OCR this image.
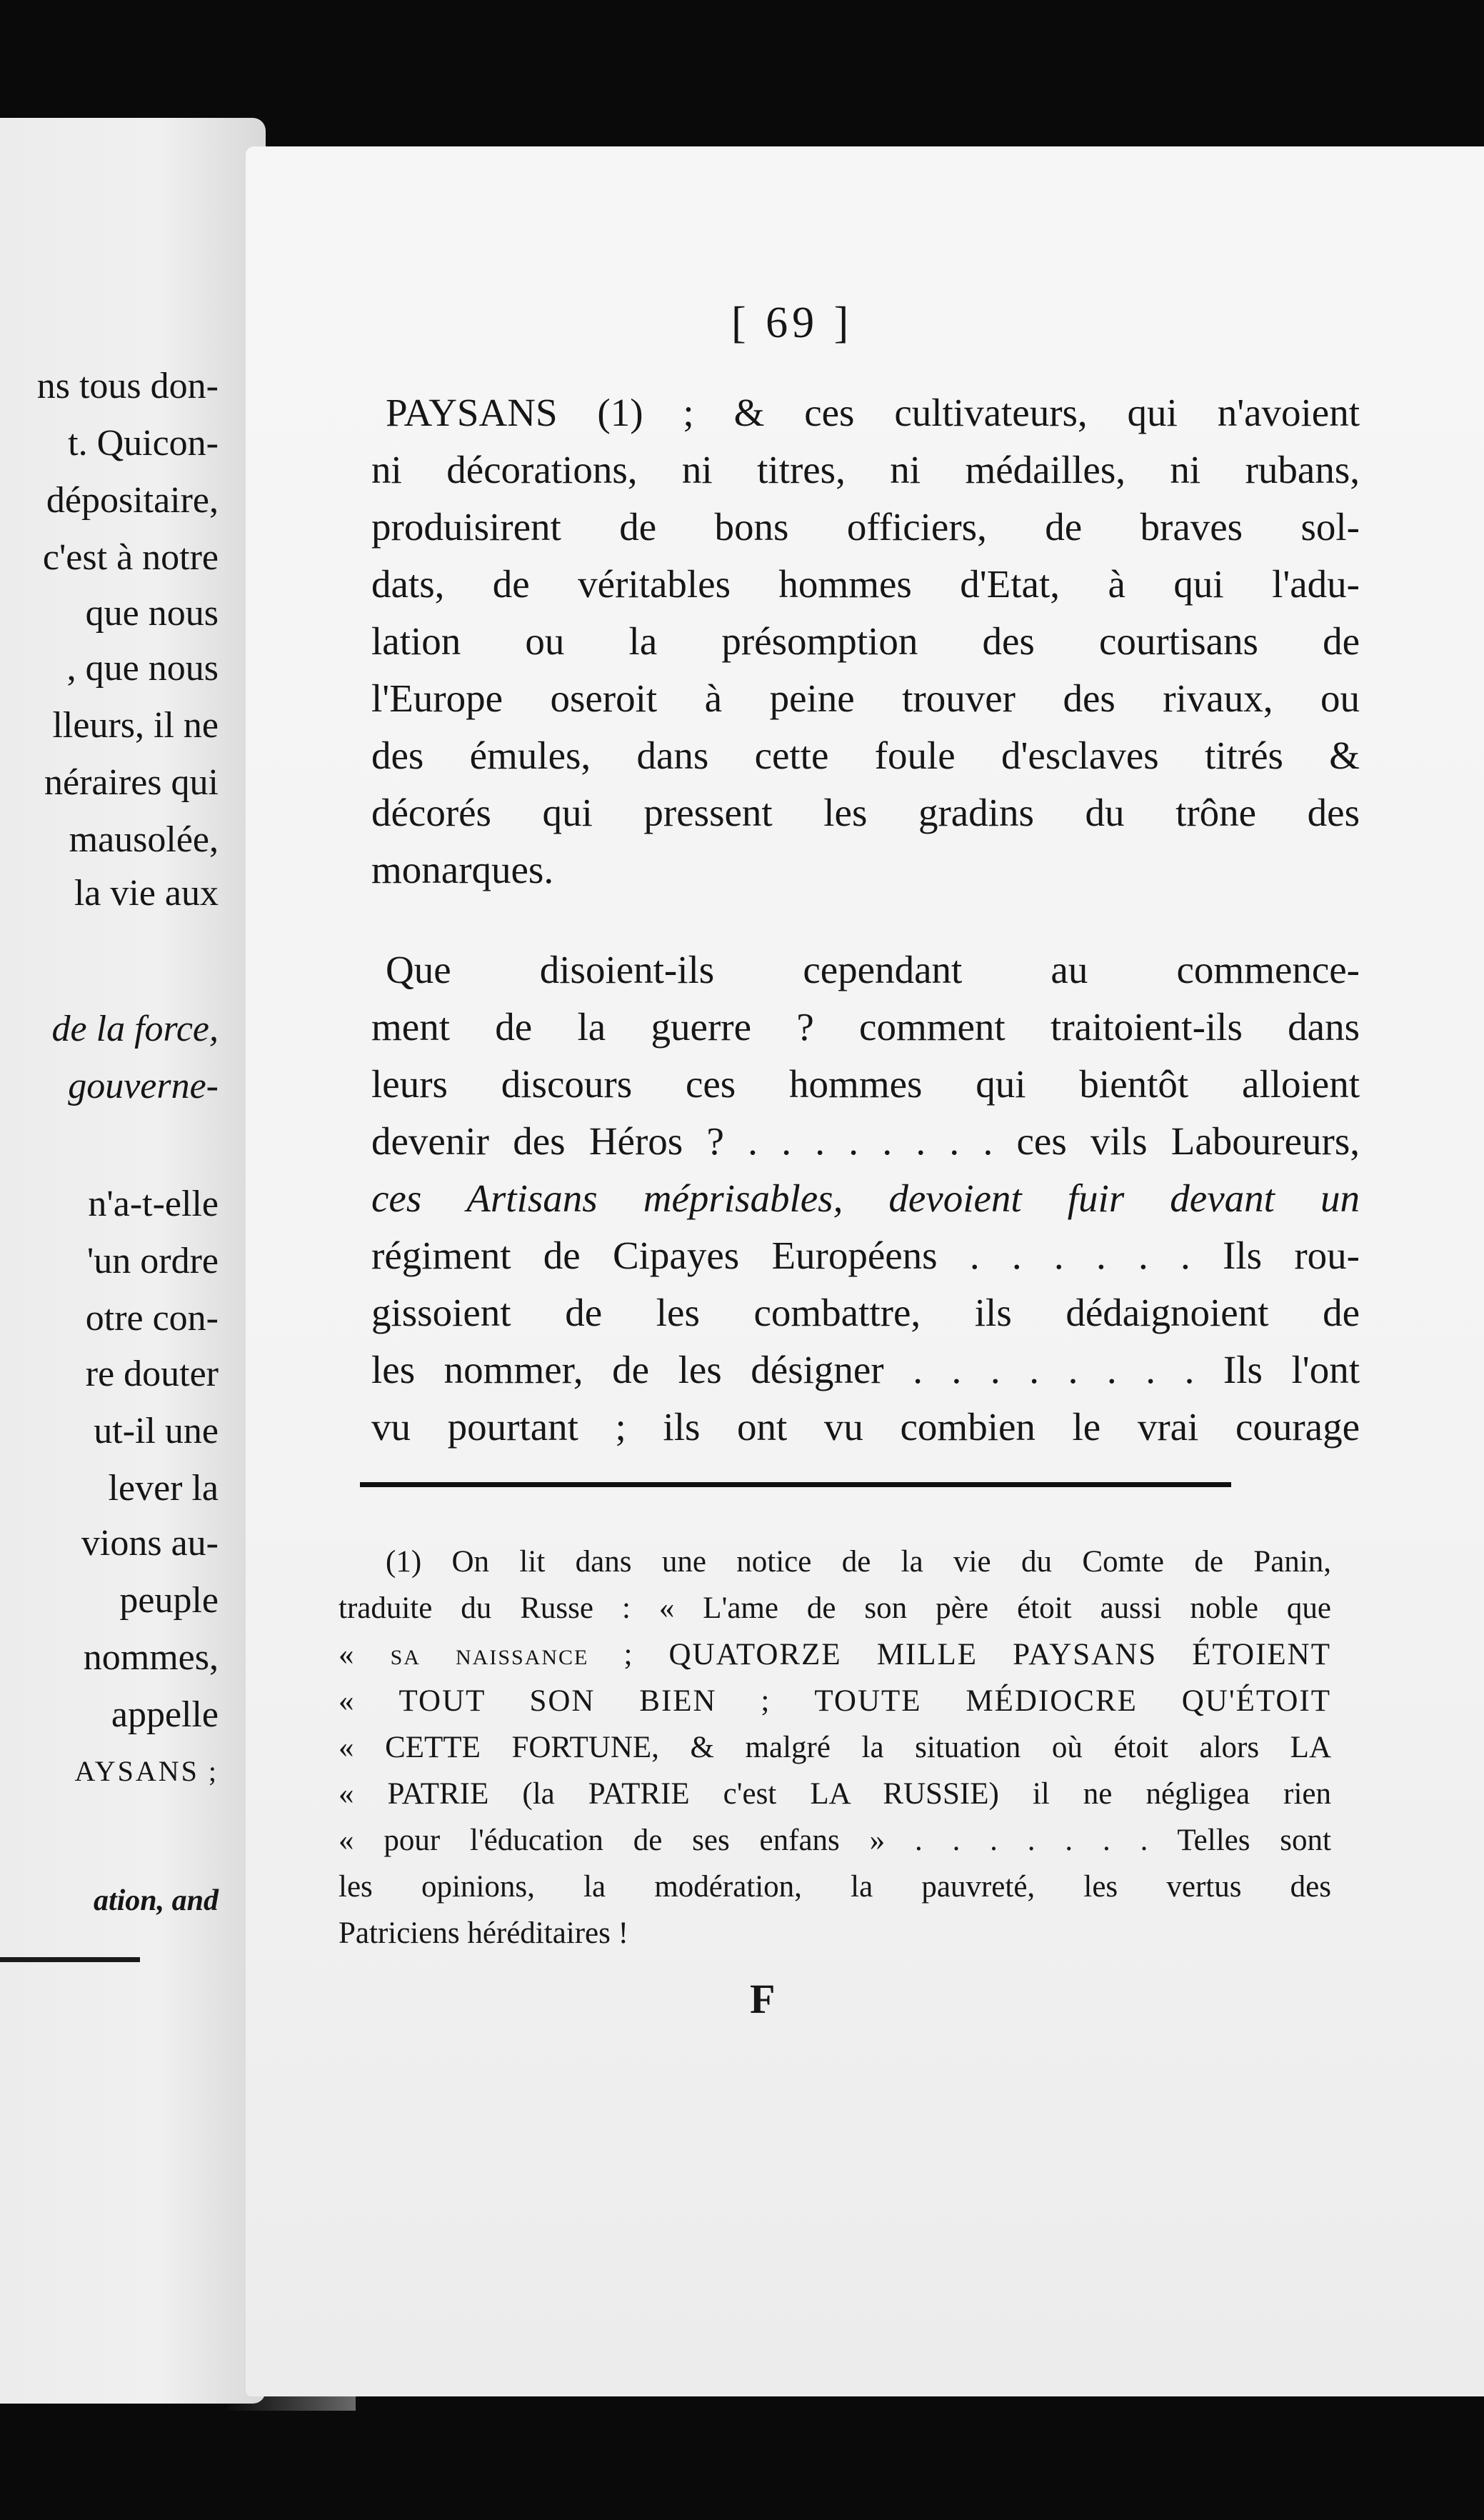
ns tous don-
t. Quicon-
dépositaire,
c'est à notre
que nous
, que nous
lleurs, il ne
néraires qui
mausolée,
la vie aux
de la force,
gouverne-
n'a-t-elle
'un ordre
otre con-
re douter
ut-il une
lever la
vions au-
peuple
nommes,
appelle
AYSANS ;
ation, and
[ 69 ]
PAYSANS (1) ; & ces cultivateurs, qui n'avoient
ni décorations, ni titres, ni médailles, ni rubans,
produisirent de bons officiers, de braves sol-
dats, de véritables hommes d'Etat, à qui l'adu-
lation ou la présomption des courtisans de
l'Europe oseroit à peine trouver des rivaux, ou
des émules, dans cette foule d'esclaves titrés &
décorés qui pressent les gradins du trône des
monarques.
Que disoient-ils cependant au commence-
ment de la guerre ? comment traitoient-ils dans
leurs discours ces hommes qui bientôt alloient
devenir des Héros ? . . . . . . . . ces vils Laboureurs,
ces Artisans méprisables, devoient fuir devant un
régiment de Cipayes Européens . . . . . . Ils rou-
gissoient de les combattre, ils dédaignoient de
les nommer, de les désigner . . . . . . . . Ils l'ont
vu pourtant ; ils ont vu combien le vrai courage
(1) On lit dans une notice de la vie du Comte de Panin,
traduite du Russe : « L'ame de son père étoit aussi noble que
« sa naissance ; QUATORZE MILLE PAYSANS ÉTOIENT
« TOUT SON BIEN ; TOUTE MÉDIOCRE QU'ÉTOIT
« CETTE FORTUNE, & malgré la situation où étoit alors LA
« PATRIE (la PATRIE c'est LA RUSSIE) il ne négligea rien
« pour l'éducation de ses enfans » . . . . . . . Telles sont
les opinions, la modération, la pauvreté, les vertus des
Patriciens héréditaires !
F
